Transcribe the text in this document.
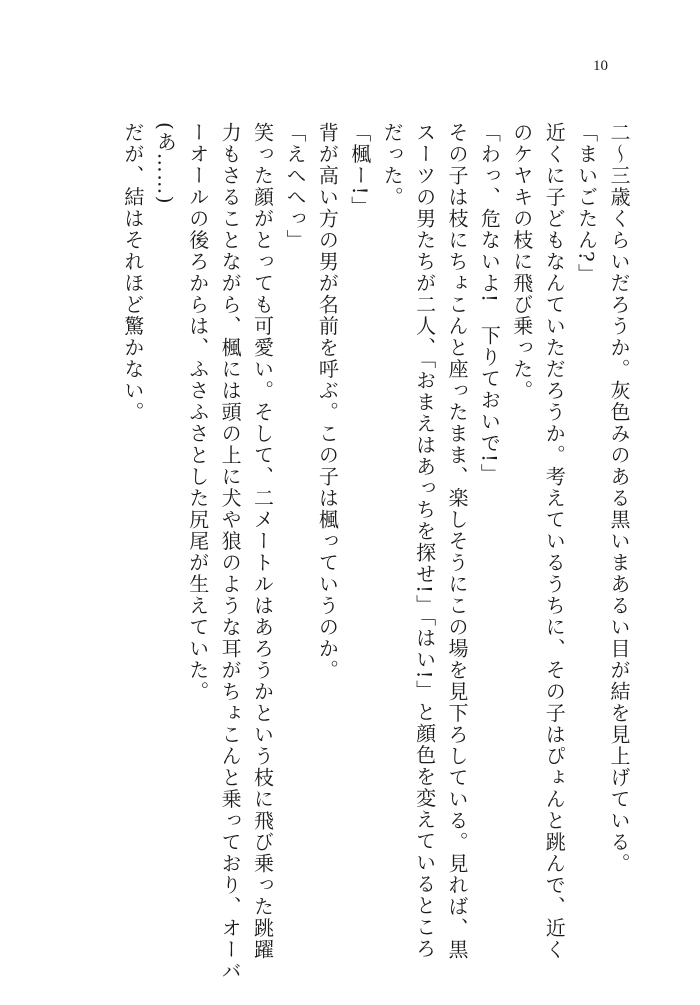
10
二〜三歳くらいだろうか。灰色みのある黒いまあるい目が結を見上げている。
「まいごたん?」
近くに子どもなんていただろうか。考えているうちに、その子はぴょんと跳んで、近く
のケヤキの枝に飛び乗った。
「わっ、危ないよ!　下りておいで!」
その子は枝にちょこんと座ったまま、楽しそうにこの場を見下ろしている。見れば、黒
スーツの男たちが二人、「おまえはあっちを探せ!」「はい!」と顔色を変えているところ
だった。
「楓ー!」
背が高い方の男が名前を呼ぶ。この子は楓っていうのか。
「えへへっ」
笑った顔がとっても可愛い。そして、二メートルはあろうかという枝に飛び乗った跳躍
力もさることながら、楓には頭の上に犬や狼のような耳がちょこんと乗っており、オーバ
ーオールの後ろからは、ふさふさとした尻尾が生えていた。
(あ……)
だが、結はそれほど驚かない。
